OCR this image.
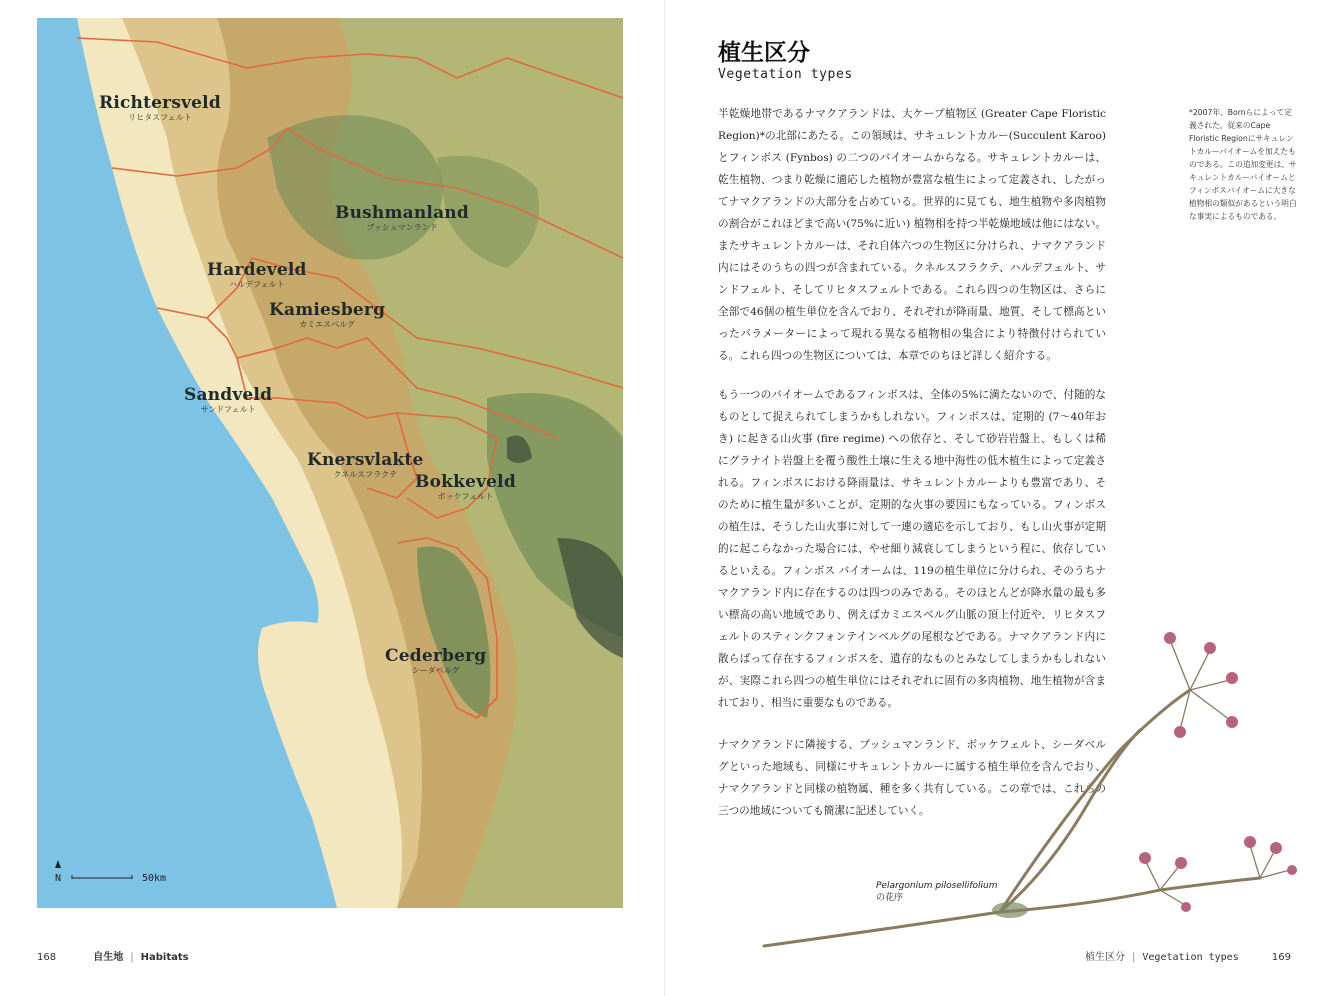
Richtersveld
リヒタスフェルト
Bushmanland
ブッシュマンランド
Hardeveld
ハルデフェルト
Kamiesberg
カミエスベルグ
Sandveld
サンドフェルト
Knersvlakte
クネルスフラクテ	Bokkeveld
ボッケフェルト
Cederberg
シーダベルグ
N	50km
168	自生地 | Habitats
植生区分
Vegetation types

半乾燥地帯であるナマクアランドは、大ケープ植物区 (Greater Cape Floristic Region)*の北部にあたる。この領域は、サキュレントカルー(Succulent Karoo)とフィンボス (Fynbos) の二つのバイオームからなる。サキュレントカルーは、乾生植物、つまり乾燥に適応した植物が豊富な植生によって定義され、したがってナマクアランドの大部分を占めている。世界的に見ても、地生植物や多肉植物の割合がこれほどまで高い(75%に近い) 植物相を持つ半乾燥地域は他にはない。またサキュレントカルーは、それ自体六つの生物区に分けられ、ナマクアランド内にはそのうちの四つが含まれている。クネルスフラクテ、ハルデフェルト、サンドフェルト、そしてリヒタスフェルトである。これら四つの生物区は、さらに全部で46個の植生単位を含んでおり、それぞれが降雨量、地質、そして標高といったパラメーターによって現れる異なる植物相の集合により特徴付けられている。これら四つの生物区については、本章でのちほど詳しく紹介する。

もう一つのバイオームであるフィンボスは、全体の5%に満たないので、付随的なものとして捉えられてしまうかもしれない。フィンボスは、定期的 (7〜40年おき) に起きる山火事 (fire regime) への依存と、そして砂岩岩盤上、もしくは稀にグラナイト岩盤上を覆う酸性土壌に生える地中海性の低木植生によって定義される。フィンボスにおける降雨量は、サキュレントカルーよりも豊富であり、そのために植生量が多いことが、定期的な火事の要因にもなっている。フィンボスの植生は、そうした山火事に対して一連の適応を示しており、もし山火事が定期的に起こらなかった場合には、やせ細り減衰してしまうという程に、依存しているといえる。フィンボス バイオームは、119の植生単位に分けられ、そのうちナマクアランド内に存在するのは四つのみである。そのほとんどが降水量の最も多い標高の高い地域であり、例えばカミエスベルグ山脈の頂上付近や、リヒタスフェルトのスティンクフォンテインベルグの尾根などである。ナマクアランド内に散らばって存在するフィンボスを、遺存的なものとみなしてしまうかもしれないが、実際これら四つの植生単位にはそれぞれに固有の多肉植物、地生植物が含まれており、相当に重要なものである。

ナマクアランドに隣接する、ブッシュマンランド、ボッケフェルト、シーダベルグといった地域も、同様にサキュレントカルーに属する植生単位を含んでおり、ナマクアランドと同様の植物属、種を多く共有している。この章では、これらの三つの地域についても簡潔に記述していく。

*2007年、Bornらによって定義された。従来のCape Floristic Regionにサキュレントカルーバイオームを加えたものである。この追加変更は、サキュレントカルーバイオームとフィンボスバイオームに大きな植物相の類似があるという明白な事実によるものである。

Pelargonium pilosellifolium
の花序
植生区分 | Vegetation types	169
